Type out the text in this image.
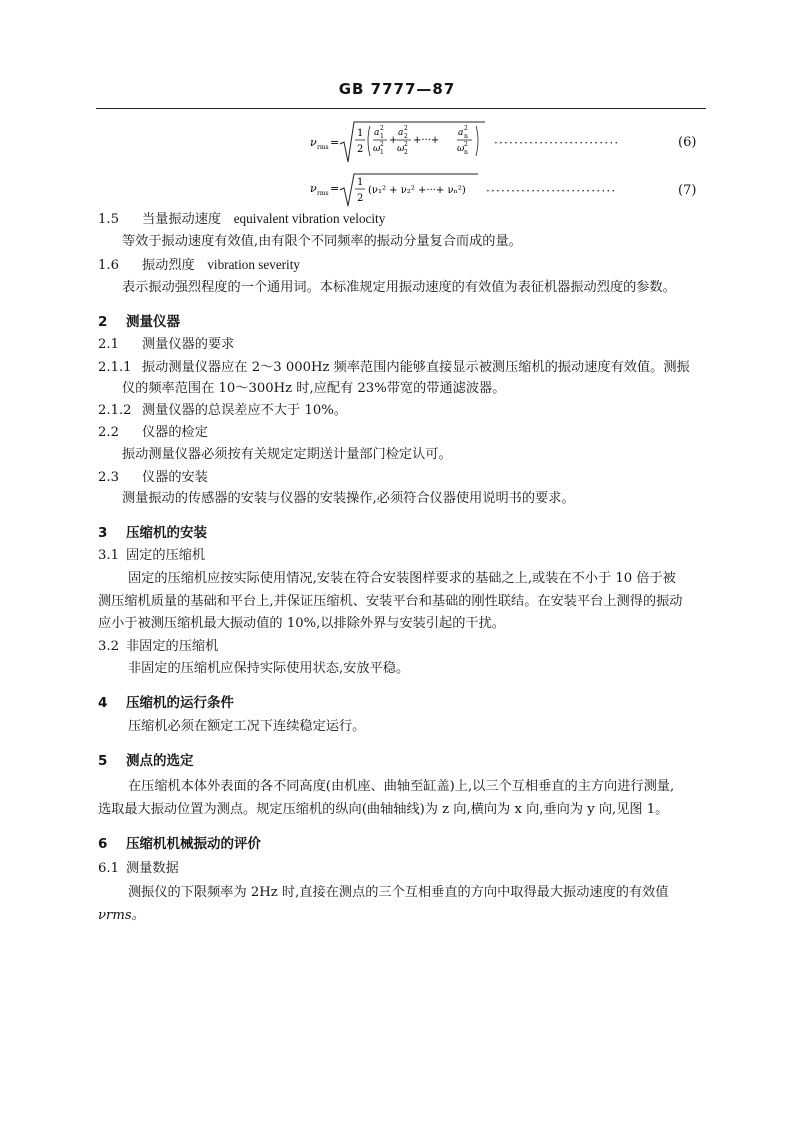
GB 7777—87
ν rms =
1
2
a 2
1
ω 2
1
+
a 2
2
ω 2
2
+···+
a 2
n
ω 2
n
·························	(6)
ν rms = 1
2
(ν₁² + ν₂² +···+ νₙ²) ··························	(7)
1.5 当量振动速度 equivalent vibration velocity
等效于振动速度有效值,由有限个不同频率的振动分量复合而成的量。
1.6 振动烈度 vibration severity
表示振动强烈程度的一个通用词。本标准规定用振动速度的有效值为表征机器振动烈度的参数。
2 测量仪器
2.1 测量仪器的要求
2.1.1 振动测量仪器应在 2～3 000Hz 频率范围内能够直接显示被测压缩机的振动速度有效值。测振
仪的频率范围在 10～300Hz 时,应配有 23%带宽的带通滤波器。
2.1.2 测量仪器的总误差应不大于 10%。
2.2 仪器的检定
振动测量仪器必须按有关规定定期送计量部门检定认可。
2.3 仪器的安装
测量振动的传感器的安装与仪器的安装操作,必须符合仪器使用说明书的要求。
3 压缩机的安装
3.1 固定的压缩机
固定的压缩机应按实际使用情况,安装在符合安装图样要求的基础之上,或装在不小于 10 倍于被
测压缩机质量的基础和平台上,并保证压缩机、安装平台和基础的刚性联结。在安装平台上测得的振动
应小于被测压缩机最大振动值的 10%,以排除外界与安装引起的干扰。
3.2 非固定的压缩机
非固定的压缩机应保持实际使用状态,安放平稳。
4 压缩机的运行条件
压缩机必须在额定工况下连续稳定运行。
5 测点的选定
在压缩机本体外表面的各不同高度(由机座、曲轴至缸盖)上,以三个互相垂直的主方向进行测量,
选取最大振动位置为测点。规定压缩机的纵向(曲轴轴线)为 z 向,横向为 x 向,垂向为 y 向,见图 1。
6 压缩机机械振动的评价
6.1 测量数据
测振仪的下限频率为 2Hz 时,直接在测点的三个互相垂直的方向中取得最大振动速度的有效值
νrms。
